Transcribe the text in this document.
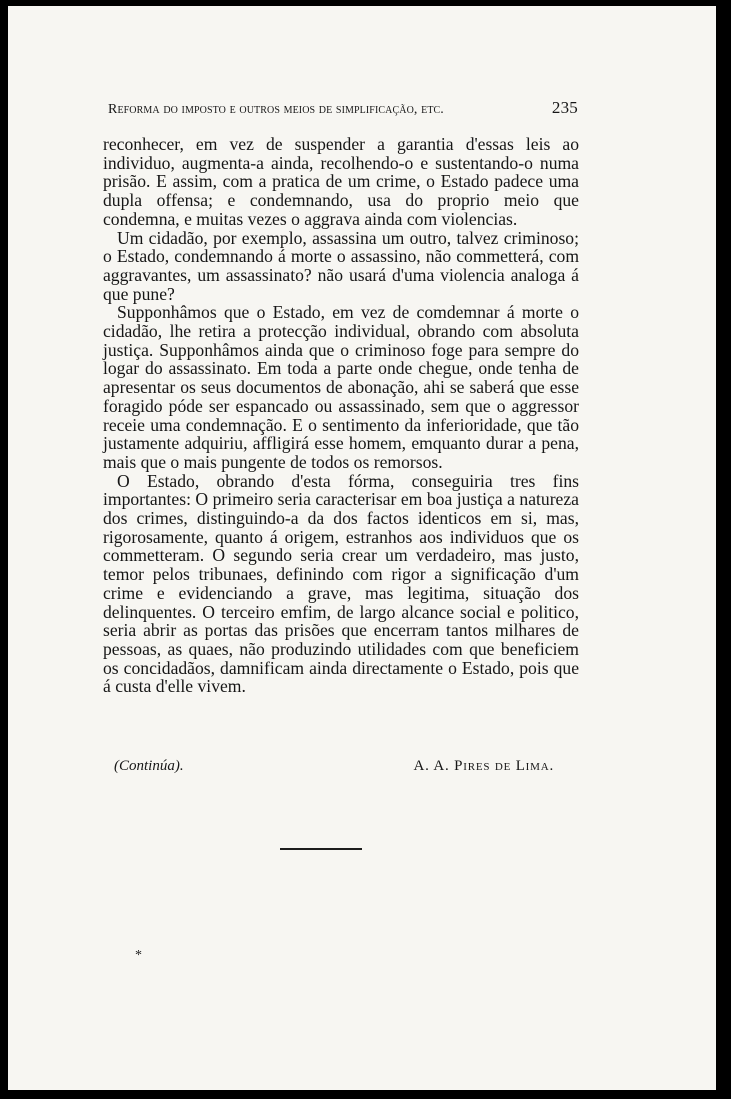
Reforma do imposto e outros meios de simplificação, etc.	235

reconhecer, em vez de suspender a garantia d'essas leis ao individuo, augmenta-a ainda, recolhendo-o e sustentando-o numa prisão. E assim, com a pratica de um crime, o Estado padece uma dupla offensa; e condemnando, usa do proprio meio que condemna, e muitas vezes o aggrava ainda com violencias.

Um cidadão, por exemplo, assassina um outro, talvez criminoso; o Estado, condemnando á morte o assassino, não commetterá, com aggravantes, um assassinato? não usará d'uma violencia analoga á que pune?

Supponhâmos que o Estado, em vez de comdemnar á morte o cidadão, lhe retira a protecção individual, obrando com absoluta justiça. Supponhâmos ainda que o criminoso foge para sempre do logar do assassinato. Em toda a parte onde chegue, onde tenha de apresentar os seus documentos de abonação, ahi se saberá que esse foragido póde ser espancado ou assassinado, sem que o aggressor receie uma condemnação. E o sentimento da inferioridade, que tão justamente adquiriu, affligirá esse homem, emquanto durar a pena, mais que o mais pungente de todos os remorsos.

O Estado, obrando d'esta fórma, conseguiria tres fins importantes: O primeiro seria caracterisar em boa justiça a natureza dos crimes, distinguindo-a da dos factos identicos em si, mas, rigorosamente, quanto á origem, estranhos aos individuos que os commetteram. O segundo seria crear um verdadeiro, mas justo, temor pelos tribunaes, definindo com rigor a significação d'um crime e evidenciando a grave, mas legitima, situação dos delinquentes. O terceiro emfim, de largo alcance social e politico, seria abrir as portas das prisões que encerram tantos milhares de pessoas, as quaes, não produzindo utilidades com que beneficiem os concidadãos, damnificam ainda directamente o Estado, pois que á custa d'elle vivem.

(Continúa).	A. A. Pires de Lima.
*
